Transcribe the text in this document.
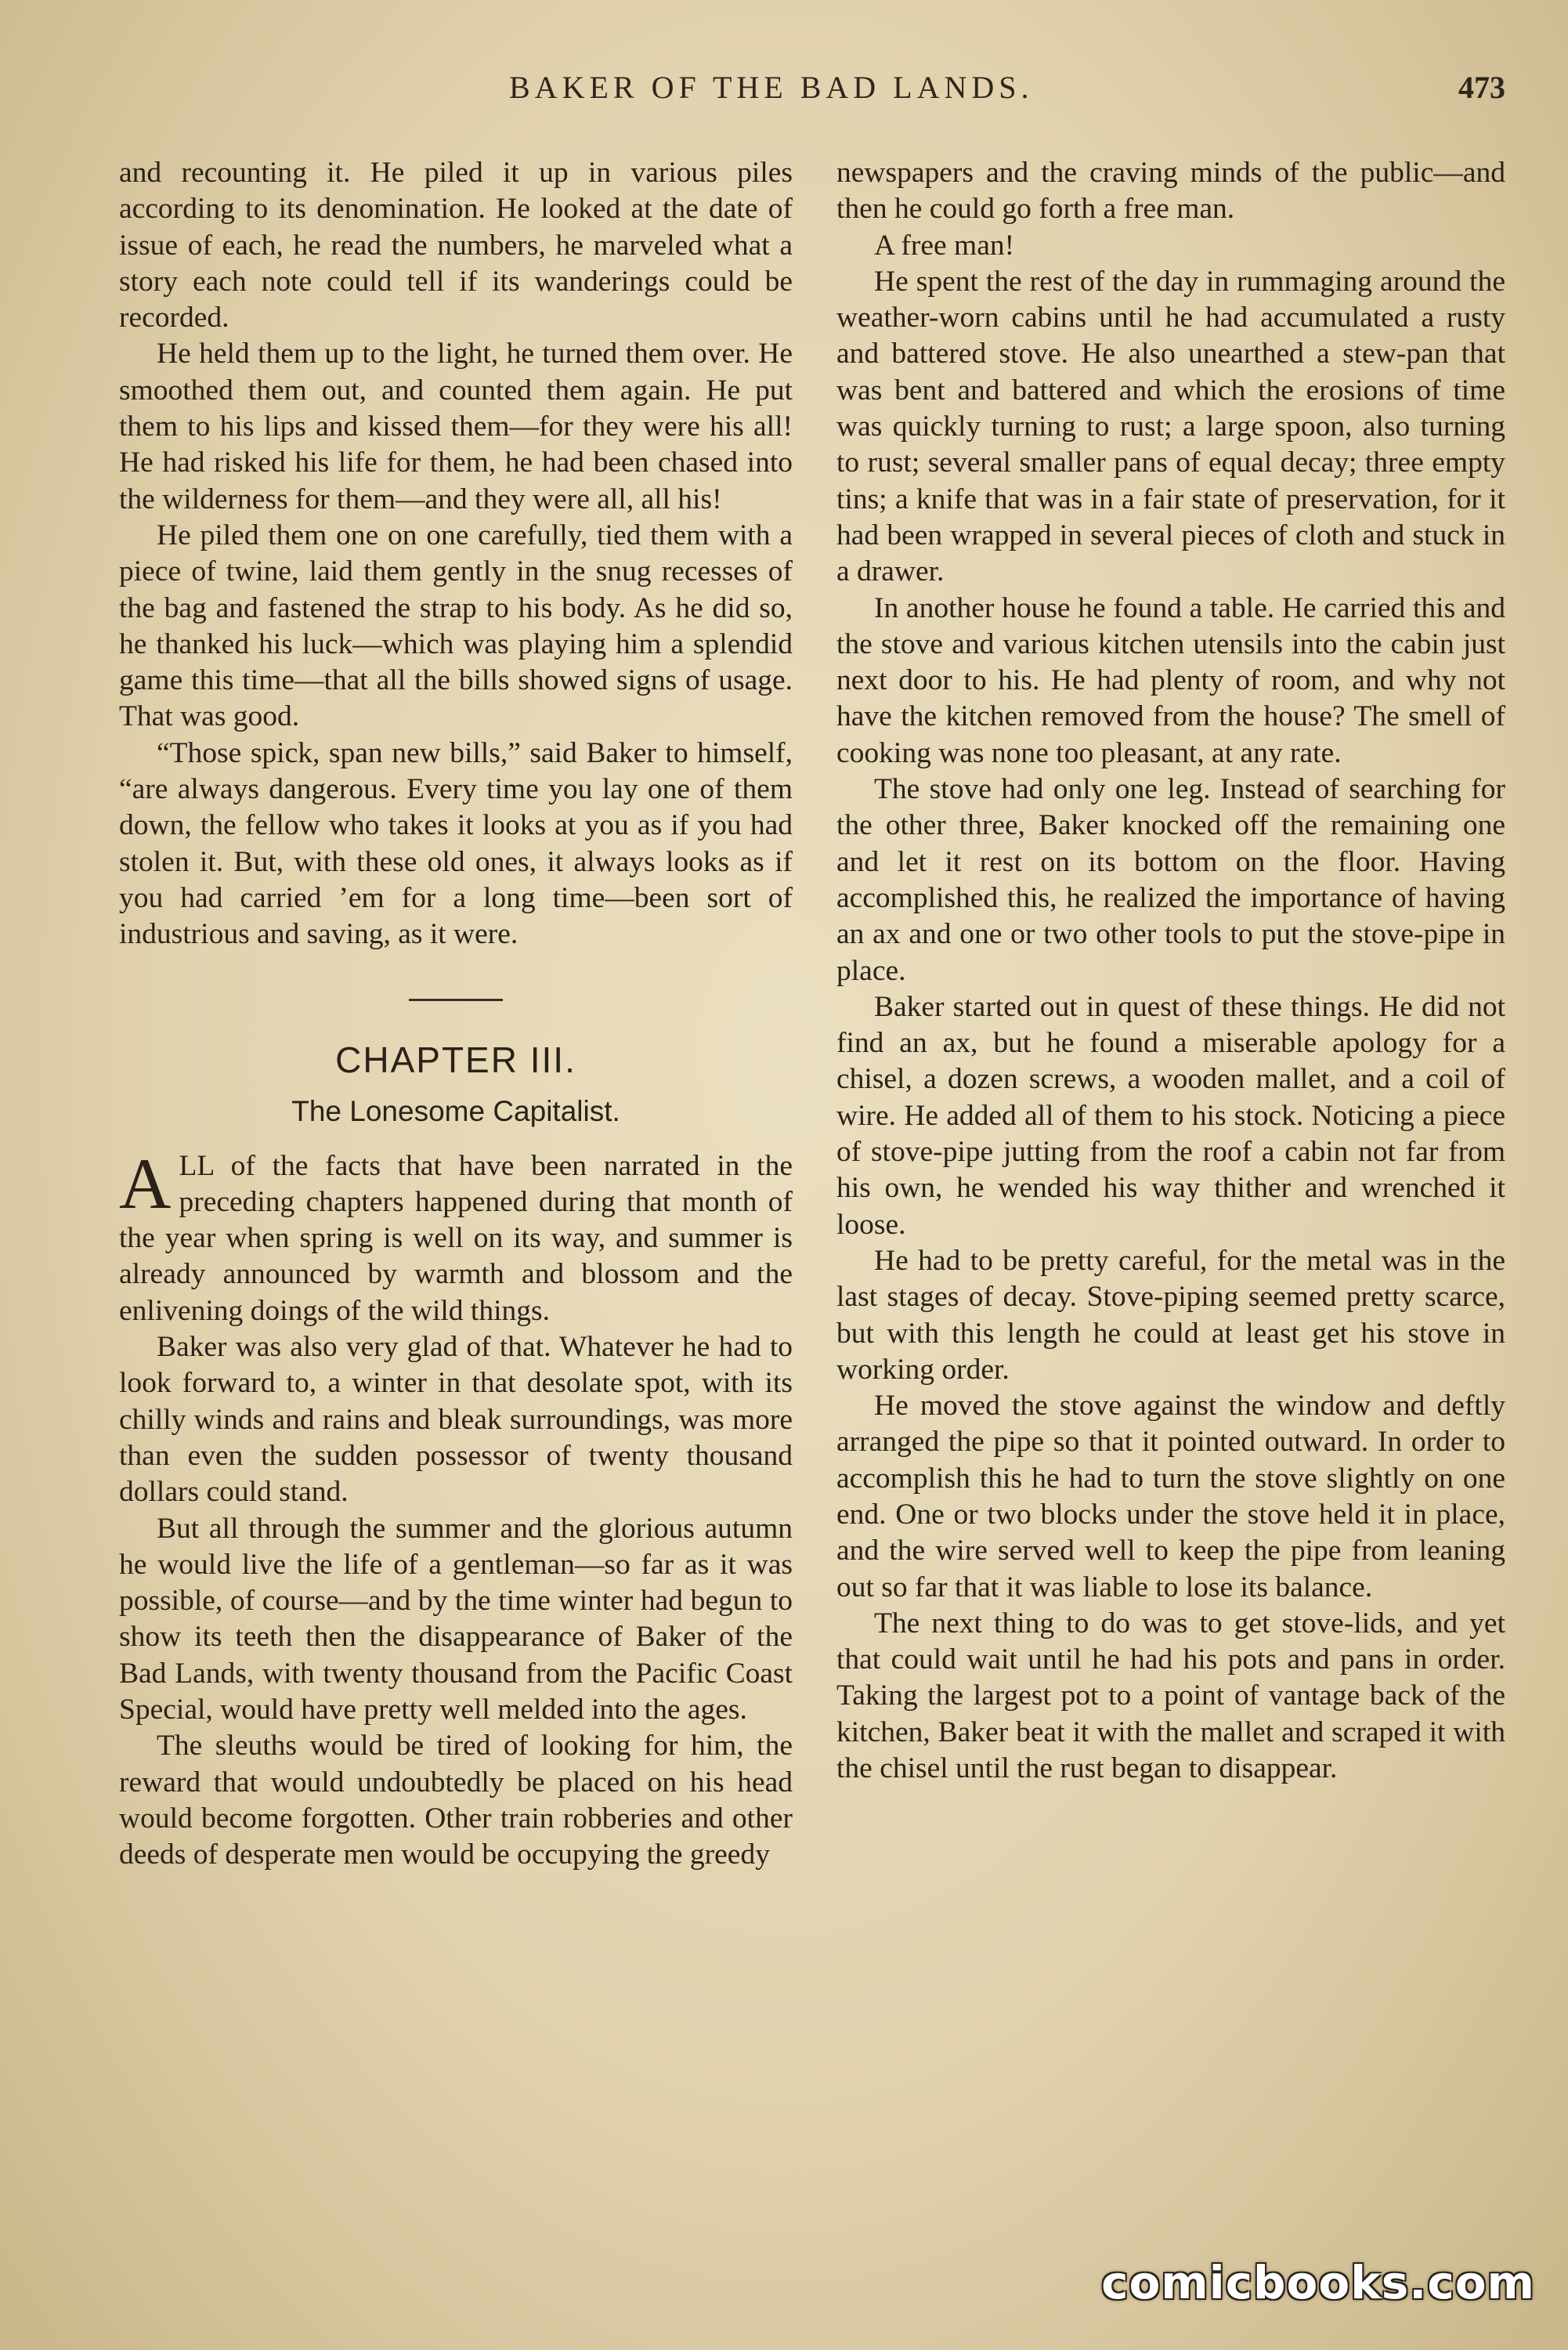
BAKER OF THE BAD LANDS.	473

and recounting it. He piled it up in various piles according to its denomination. He looked at the date of issue of each, he read the numbers, he marveled what a story each note could tell if its wanderings could be recorded.

He held them up to the light, he turned them over. He smoothed them out, and counted them again. He put them to his lips and kissed them—for they were his all! He had risked his life for them, he had been chased into the wilderness for them—and they were all, all his!

He piled them one on one carefully, tied them with a piece of twine, laid them gently in the snug recesses of the bag and fastened the strap to his body. As he did so, he thanked his luck—which was playing him a splendid game this time—that all the bills showed signs of usage. That was good.

“Those spick, span new bills,” said Baker to himself, “are always dangerous. Every time you lay one of them down, the fellow who takes it looks at you as if you had stolen it. But, with these old ones, it always looks as if you had carried ’em for a long time—been sort of industrious and saving, as it were.

CHAPTER III.
The Lonesome Capitalist.

ALL of the facts that have been narrated in the preceding chapters happened during that month of the year when spring is well on its way, and summer is already announced by warmth and blossom and the enlivening doings of the wild things.

Baker was also very glad of that. Whatever he had to look forward to, a winter in that desolate spot, with its chilly winds and rains and bleak surroundings, was more than even the sudden possessor of twenty thousand dollars could stand.

But all through the summer and the glorious autumn he would live the life of a gentleman—so far as it was possible, of course—and by the time winter had begun to show its teeth then the disappearance of Baker of the Bad Lands, with twenty thousand from the Pacific Coast Special, would have pretty well melded into the ages.

The sleuths would be tired of looking for him, the reward that would undoubtedly be placed on his head would become forgotten. Other train robberies and other deeds of desperate men would be occupying the greedy

newspapers and the craving minds of the public—and then he could go forth a free man.

A free man!

He spent the rest of the day in rummaging around the weather-worn cabins until he had accumulated a rusty and battered stove. He also unearthed a stew-pan that was bent and battered and which the erosions of time was quickly turning to rust; a large spoon, also turning to rust; several smaller pans of equal decay; three empty tins; a knife that was in a fair state of preservation, for it had been wrapped in several pieces of cloth and stuck in a drawer.

In another house he found a table. He carried this and the stove and various kitchen utensils into the cabin just next door to his. He had plenty of room, and why not have the kitchen removed from the house? The smell of cooking was none too pleasant, at any rate.

The stove had only one leg. Instead of searching for the other three, Baker knocked off the remaining one and let it rest on its bottom on the floor. Having accomplished this, he realized the importance of having an ax and one or two other tools to put the stove-pipe in place.

Baker started out in quest of these things. He did not find an ax, but he found a miserable apology for a chisel, a dozen screws, a wooden mallet, and a coil of wire. He added all of them to his stock. Noticing a piece of stove-pipe jutting from the roof a cabin not far from his own, he wended his way thither and wrenched it loose.

He had to be pretty careful, for the metal was in the last stages of decay. Stove-piping seemed pretty scarce, but with this length he could at least get his stove in working order.

He moved the stove against the window and deftly arranged the pipe so that it pointed outward. In order to accomplish this he had to turn the stove slightly on one end. One or two blocks under the stove held it in place, and the wire served well to keep the pipe from leaning out so far that it was liable to lose its balance.

The next thing to do was to get stove-lids, and yet that could wait until he had his pots and pans in order. Taking the largest pot to a point of vantage back of the kitchen, Baker beat it with the mallet and scraped it with the chisel until the rust began to disappear.

comicbooks.com
